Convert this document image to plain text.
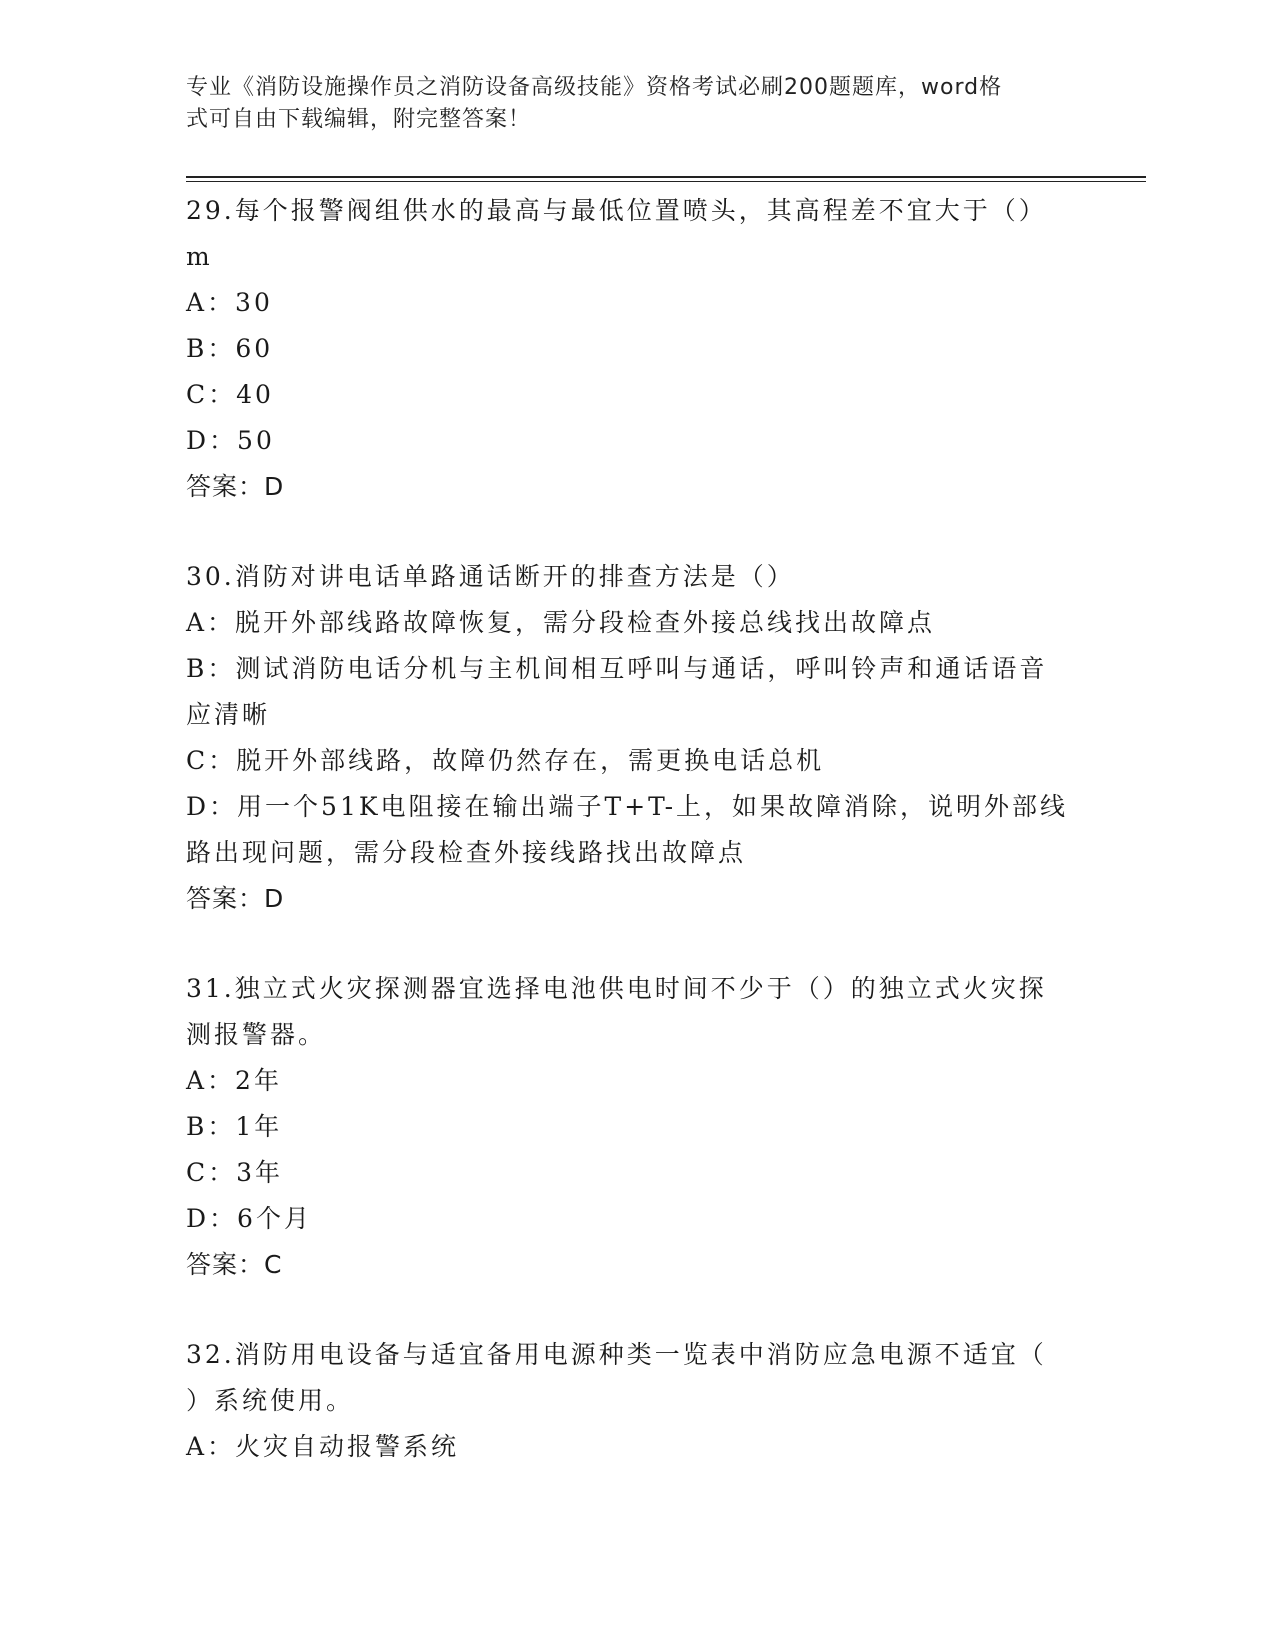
专业《消防设施操作员之消防设备高级技能》资格考试必刷200题题库，word格
式可自由下载编辑，附完整答案！
29.每个报警阀组供水的最高与最低位置喷头，其高程差不宜大于（）
m
A：30
B：60
C：40
D：50
答案：D
30.消防对讲电话单路通话断开的排查方法是（）
A：脱开外部线路故障恢复，需分段检查外接总线找出故障点
B：测试消防电话分机与主机间相互呼叫与通话，呼叫铃声和通话语音
应清晰
C：脱开外部线路，故障仍然存在，需更换电话总机
D：用一个51K电阻接在输出端子T+T-上，如果故障消除，说明外部线
路出现问题，需分段检查外接线路找出故障点
答案：D
31.独立式火灾探测器宜选择电池供电时间不少于（）的独立式火灾探
测报警器。
A：2年
B：1年
C：3年
D：6个月
答案：C
32.消防用电设备与适宜备用电源种类一览表中消防应急电源不适宜（
）系统使用。
A：火灾自动报警系统
